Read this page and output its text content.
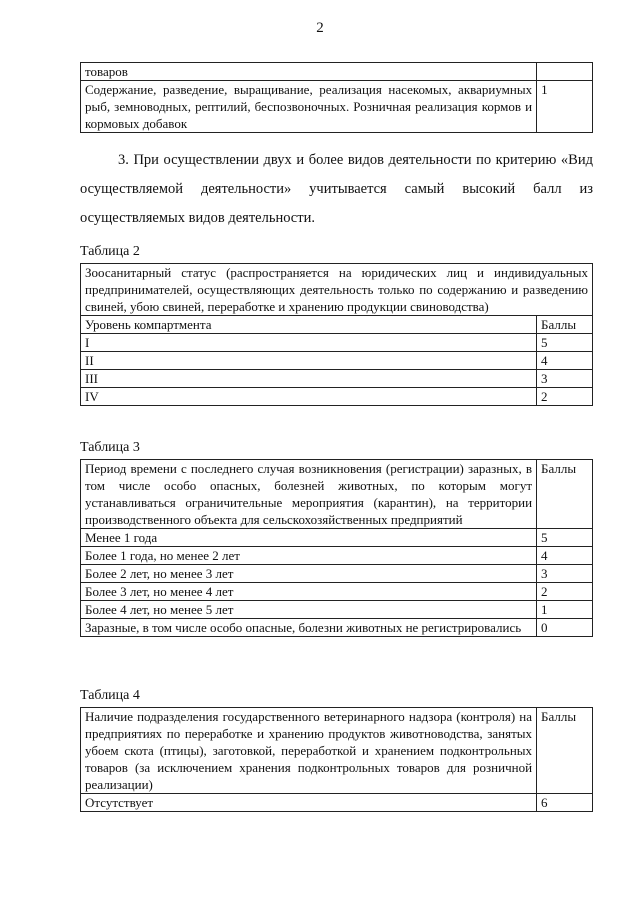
2
товаров	
Содержание, разведение, выращивание, реализация насекомых, аквариумных рыб, земноводных, рептилий, беспозвоночных. Розничная реализация кормов и кормовых добавок	1
3. При осуществлении двух и более видов деятельности по критерию «Вид осуществляемой деятельности» учитывается самый высокий балл из осуществляемых видов деятельности.
Таблица 2
Зоосанитарный статус (распространяется на юридических лиц и индивидуальных предпринимателей, осуществляющих деятельность только по содержанию и разведению свиней, убою свиней, переработке и хранению продукции свиноводства)	
Уровень компартмента	Баллы
I	5
II	4
III	3
IV	2
Таблица 3
Период времени с последнего случая возникновения (регистрации) заразных, в том числе особо опасных, болезней животных, по которым могут устанавливаться ограничительные мероприятия (карантин), на территории производственного объекта для сельскохозяйственных предприятий	Баллы
Менее 1 года	5
Более 1 года, но менее 2 лет	4
Более 2 лет, но менее 3 лет	3
Более 3 лет, но менее 4 лет	2
Более 4 лет, но менее 5 лет	1
Заразные, в том числе особо опасные, болезни животных не регистрировались	0
Таблица 4
Наличие подразделения государственного ветеринарного надзора (контроля) на предприятиях по переработке и хранению продуктов животноводства, занятых убоем скота (птицы), заготовкой, переработкой и хранением подконтрольных товаров (за исключением хранения подконтрольных товаров для розничной реализации)	Баллы
Отсутствует	6
